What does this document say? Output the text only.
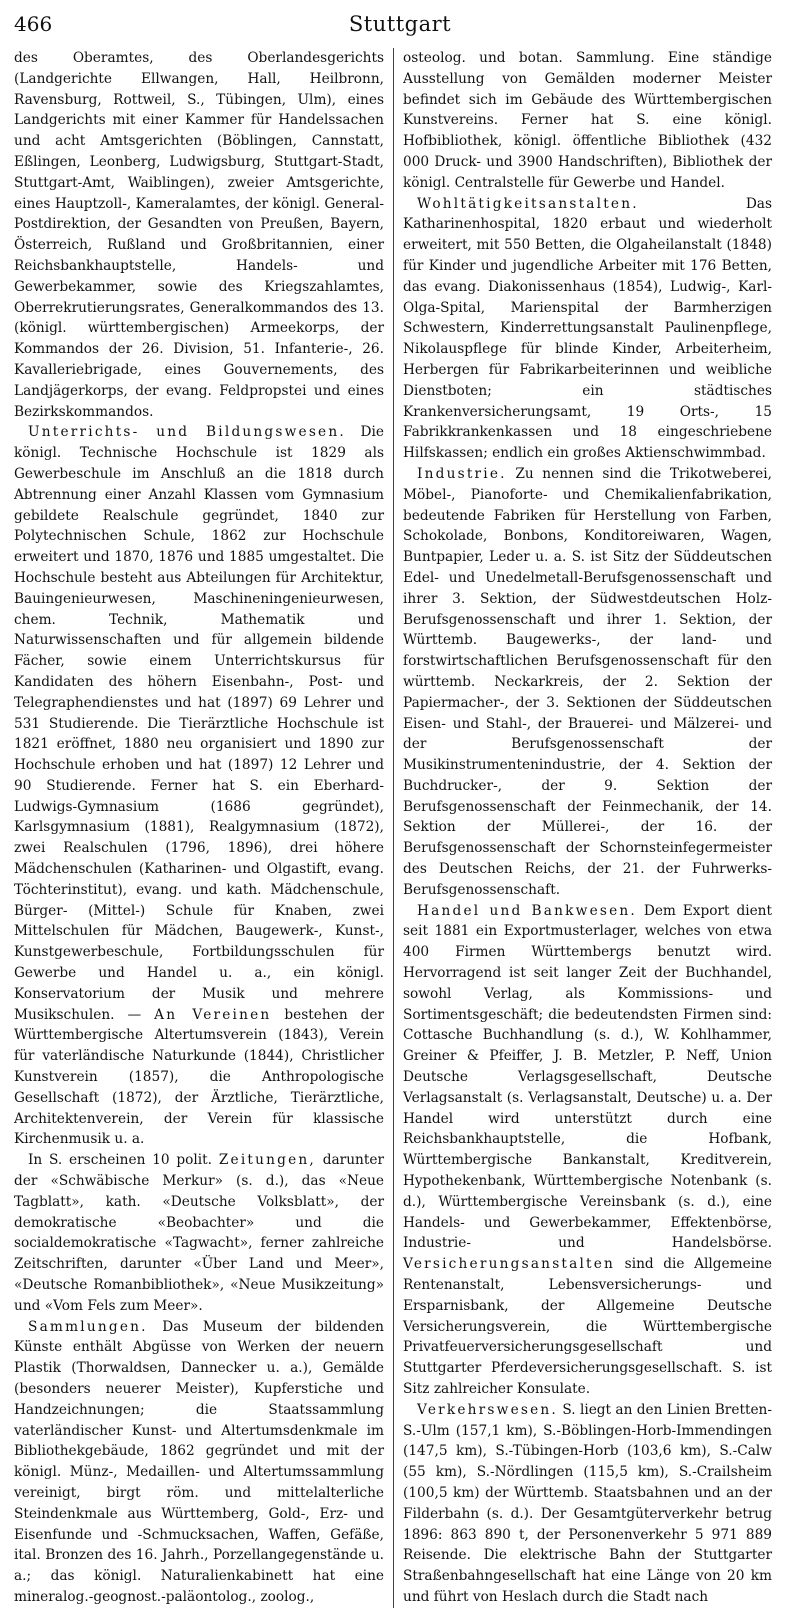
466	Stuttgart

des Oberamtes, des Oberlandesgerichts (Landgerichte Ellwangen, Hall, Heilbronn, Ravensburg, Rottweil, S., Tübingen, Ulm), eines Landgerichts mit einer Kammer für Handelssachen und acht Amtsgerichten (Böblingen, Cannstatt, Eßlingen, Leonberg, Ludwigsburg, Stuttgart-Stadt, Stuttgart-Amt, Waiblingen), zweier Amtsgerichte, eines Hauptzoll-, Kameralamtes, der königl. General-Postdirektion, der Gesandten von Preußen, Bayern, Österreich, Rußland und Großbritannien, einer Reichsbankhauptstelle, Handels- und Gewerbekammer, sowie des Kriegszahlamtes, Oberrekrutierungsrates, Generalkommandos des 13. (königl. württembergischen) Armeekorps, der Kommandos der 26. Division, 51. Infanterie-, 26. Kavalleriebrigade, eines Gouvernements, des Landjägerkorps, der evang. Feldpropstei und eines Bezirkskommandos.

Unterrichts- und Bildungswesen. Die königl. Technische Hochschule ist 1829 als Gewerbeschule im Anschluß an die 1818 durch Abtrennung einer Anzahl Klassen vom Gymnasium gebildete Realschule gegründet, 1840 zur Polytechnischen Schule, 1862 zur Hochschule erweitert und 1870, 1876 und 1885 umgestaltet. Die Hochschule besteht aus Abteilungen für Architektur, Bauingenieurwesen, Maschineningenieurwesen, chem. Technik, Mathematik und Naturwissenschaften und für allgemein bildende Fächer, sowie einem Unterrichtskursus für Kandidaten des höhern Eisenbahn-, Post- und Telegraphendienstes und hat (1897) 69 Lehrer und 531 Studierende. Die Tierärztliche Hochschule ist 1821 eröffnet, 1880 neu organisiert und 1890 zur Hochschule erhoben und hat (1897) 12 Lehrer und 90 Studierende. Ferner hat S. ein Eberhard-Ludwigs-Gymnasium (1686 gegründet), Karlsgymnasium (1881), Realgymnasium (1872), zwei Realschulen (1796, 1896), drei höhere Mädchenschulen (Katharinen- und Olgastift, evang. Töchterinstitut), evang. und kath. Mädchenschule, Bürger- (Mittel-) Schule für Knaben, zwei Mittelschulen für Mädchen, Baugewerk-, Kunst-, Kunstgewerbeschule, Fortbildungsschulen für Gewerbe und Handel u. a., ein königl. Konservatorium der Musik und mehrere Musikschulen. — An Vereinen bestehen der Württembergische Altertumsverein (1843), Verein für vaterländische Naturkunde (1844), Christlicher Kunstverein (1857), die Anthropologische Gesellschaft (1872), der Ärztliche, Tierärztliche, Architektenverein, der Verein für klassische Kirchenmusik u. a.

In S. erscheinen 10 polit. Zeitungen, darunter der «Schwäbische Merkur» (s. d.), das «Neue Tagblatt», kath. «Deutsche Volksblatt», der demokratische «Beobachter» und die socialdemokratische «Tagwacht», ferner zahlreiche Zeitschriften, darunter «Über Land und Meer», «Deutsche Romanbibliothek», «Neue Musikzeitung» und «Vom Fels zum Meer».

Sammlungen. Das Museum der bildenden Künste enthält Abgüsse von Werken der neuern Plastik (Thorwaldsen, Dannecker u. a.), Gemälde (besonders neuerer Meister), Kupferstiche und Handzeichnungen; die Staatssammlung vaterländischer Kunst- und Altertumsdenkmale im Bibliothekgebäude, 1862 gegründet und mit der königl. Münz-, Medaillen- und Altertumssammlung vereinigt, birgt röm. und mittelalterliche Steindenkmale aus Württemberg, Gold-, Erz- und Eisenfunde und -Schmucksachen, Waffen, Gefäße, ital. Bronzen des 16. Jahrh., Porzellangegenstände u. a.; das königl. Naturalienkabinett hat eine mineralog.-geognost.-paläontolog., zoolog.,

osteolog. und botan. Sammlung. Eine ständige Ausstellung von Gemälden moderner Meister befindet sich im Gebäude des Württembergischen Kunstvereins. Ferner hat S. eine königl. Hofbibliothek, königl. öffentliche Bibliothek (432 000 Druck- und 3900 Handschriften), Bibliothek der königl. Centralstelle für Gewerbe und Handel.

Wohltätigkeitsanstalten. Das Katharinenhospital, 1820 erbaut und wiederholt erweitert, mit 550 Betten, die Olgaheilanstalt (1848) für Kinder und jugendliche Arbeiter mit 176 Betten, das evang. Diakonissenhaus (1854), Ludwig-, Karl-Olga-Spital, Marienspital der Barmherzigen Schwestern, Kinderrettungsanstalt Paulinenpflege, Nikolauspflege für blinde Kinder, Arbeiterheim, Herbergen für Fabrikarbeiterinnen und weibliche Dienstboten; ein städtisches Krankenversicherungsamt, 19 Orts-, 15 Fabrikkrankenkassen und 18 eingeschriebene Hilfskassen; endlich ein großes Aktienschwimmbad.

Industrie. Zu nennen sind die Trikotweberei, Möbel-, Pianoforte- und Chemikalienfabrikation, bedeutende Fabriken für Herstellung von Farben, Schokolade, Bonbons, Konditoreiwaren, Wagen, Buntpapier, Leder u. a. S. ist Sitz der Süddeutschen Edel- und Unedelmetall-Berufsgenossenschaft und ihrer 3. Sektion, der Südwestdeutschen Holz-Berufsgenossenschaft und ihrer 1. Sektion, der Württemb. Baugewerks-, der land- und forstwirtschaftlichen Berufsgenossenschaft für den württemb. Neckarkreis, der 2. Sektion der Papiermacher-, der 3. Sektionen der Süddeutschen Eisen- und Stahl-, der Brauerei- und Mälzerei- und der Berufsgenossenschaft der Musikinstrumentenindustrie, der 4. Sektion der Buchdrucker-, der 9. Sektion der Berufsgenossenschaft der Feinmechanik, der 14. Sektion der Müllerei-, der 16. der Berufsgenossenschaft der Schornsteinfegermeister des Deutschen Reichs, der 21. der Fuhrwerks-Berufsgenossenschaft.

Handel und Bankwesen. Dem Export dient seit 1881 ein Exportmusterlager, welches von etwa 400 Firmen Württembergs benutzt wird. Hervorragend ist seit langer Zeit der Buchhandel, sowohl Verlag, als Kommissions- und Sortimentsgeschäft; die bedeutendsten Firmen sind: Cottasche Buchhandlung (s. d.), W. Kohlhammer, Greiner & Pfeiffer, J. B. Metzler, P. Neff, Union Deutsche Verlagsgesellschaft, Deutsche Verlagsanstalt (s. Verlagsanstalt, Deutsche) u. a. Der Handel wird unterstützt durch eine Reichsbankhauptstelle, die Hofbank, Württembergische Bankanstalt, Kreditverein, Hypothekenbank, Württembergische Notenbank (s. d.), Württembergische Vereinsbank (s. d.), eine Handels- und Gewerbekammer, Effektenbörse, Industrie- und Handelsbörse. Versicherungsanstalten sind die Allgemeine Rentenanstalt, Lebensversicherungs- und Ersparnisbank, der Allgemeine Deutsche Versicherungsverein, die Württembergische Privatfeuerversicherungsgesellschaft und Stuttgarter Pferdeversicherungsgesellschaft. S. ist Sitz zahlreicher Konsulate.

Verkehrswesen. S. liegt an den Linien Bretten-S.-Ulm (157,1 km), S.-Böblingen-Horb-Immendingen (147,5 km), S.-Tübingen-Horb (103,6 km), S.-Calw (55 km), S.-Nördlingen (115,5 km), S.-Crailsheim (100,5 km) der Württemb. Staatsbahnen und an der Filderbahn (s. d.). Der Gesamtgüterverkehr betrug 1896: 863 890 t, der Personenverkehr 5 971 889 Reisende. Die elektrische Bahn der Stuttgarter Straßenbahngesellschaft hat eine Länge von 20 km und führt von Heslach durch die Stadt nach
